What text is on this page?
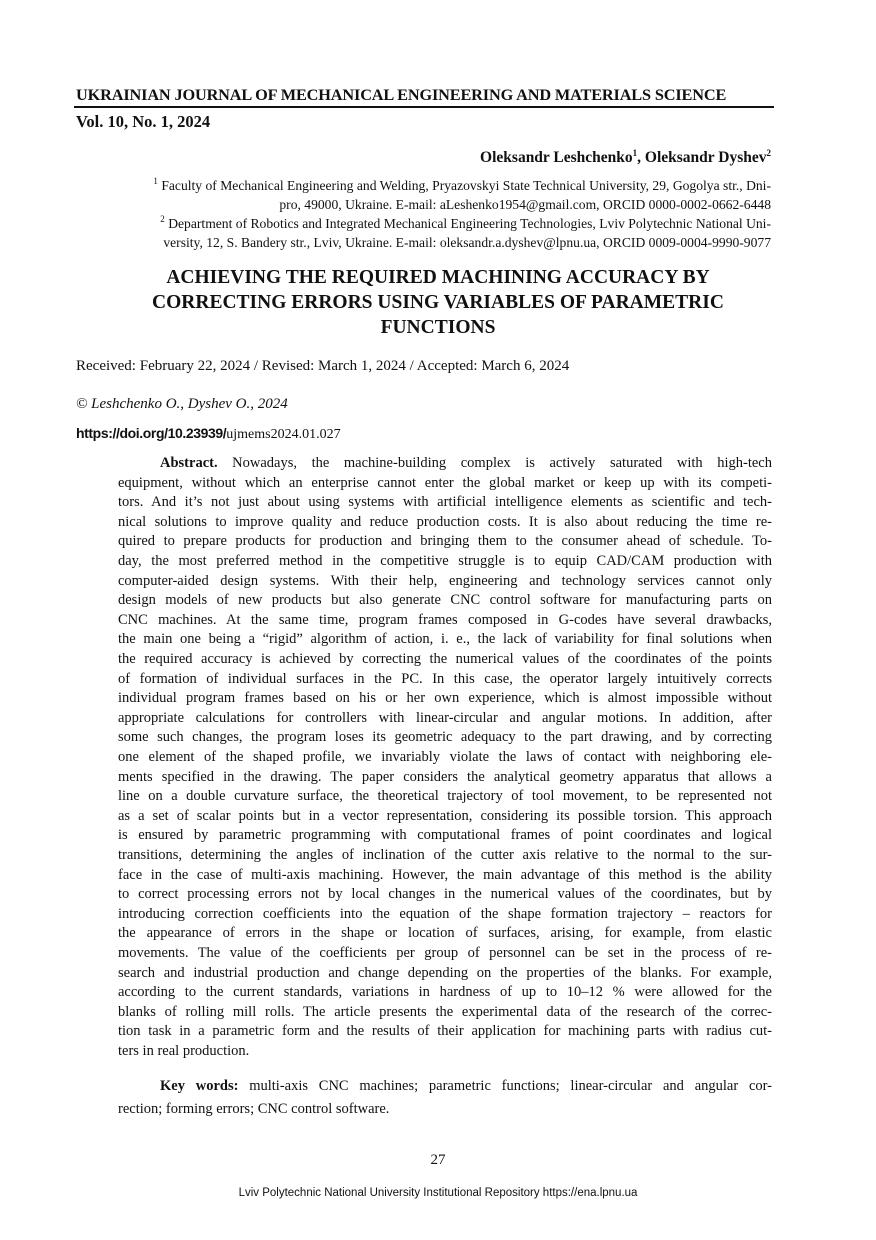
UKRAINIAN JOURNAL OF MECHANICAL ENGINEERING AND MATERIALS SCIENCE
Vol. 10, No. 1, 2024
Oleksandr Leshchenko$^1$, Oleksandr Dyshev$^2$
$^1$ Faculty of Mechanical Engineering and Welding, Pryazovskyi State Technical University, 29, Gogolya str., Dni-
pro, 49000, Ukraine. E-mail: aLeshenko1954@gmail.com, ORCID 0000-0002-0662-6448
$^2$ Department of Robotics and Integrated Mechanical Engineering Technologies, Lviv Polytechnic National Uni-
versity, 12, S. Bandery str., Lviv, Ukraine. E-mail: oleksandr.a.dyshev@lpnu.ua, ORCID 0009-0004-9990-9077
ACHIEVING THE REQUIRED MACHINING ACCURACY BY
CORRECTING ERRORS USING VARIABLES OF PARAMETRIC
FUNCTIONS
Received: February 22, 2024 / Revised: March 1, 2024 / Accepted: March 6, 2024
© Leshchenko O., Dyshev O., 2024
https://doi.org/10.23939/ujmems2024.01.027
Abstract. Nowadays, the machine-building complex is actively saturated with high-tech
equipment, without which an enterprise cannot enter the global market or keep up with its competi-
tors. And it’s not just about using systems with artificial intelligence elements as scientific and tech-
nical solutions to improve quality and reduce production costs. It is also about reducing the time re-
quired to prepare products for production and bringing them to the consumer ahead of schedule. To-
day, the most preferred method in the competitive struggle is to equip CAD/CAM production with
computer-aided design systems. With their help, engineering and technology services cannot only
design models of new products but also generate CNC control software for manufacturing parts on
CNC machines. At the same time, program frames composed in G-codes have several drawbacks,
the main one being a “rigid” algorithm of action, i. e., the lack of variability for final solutions when
the required accuracy is achieved by correcting the numerical values of the coordinates of the points
of formation of individual surfaces in the PC. In this case, the operator largely intuitively corrects
individual program frames based on his or her own experience, which is almost impossible without
appropriate calculations for controllers with linear-circular and angular motions. In addition, after
some such changes, the program loses its geometric adequacy to the part drawing, and by correcting
one element of the shaped profile, we invariably violate the laws of contact with neighboring ele-
ments specified in the drawing. The paper considers the analytical geometry apparatus that allows a
line on a double curvature surface, the theoretical trajectory of tool movement, to be represented not
as a set of scalar points but in a vector representation, considering its possible torsion. This approach
is ensured by parametric programming with computational frames of point coordinates and logical
transitions, determining the angles of inclination of the cutter axis relative to the normal to the sur-
face in the case of multi-axis machining. However, the main advantage of this method is the ability
to correct processing errors not by local changes in the numerical values of the coordinates, but by
introducing correction coefficients into the equation of the shape formation trajectory – reactors for
the appearance of errors in the shape or location of surfaces, arising, for example, from elastic
movements. The value of the coefficients per group of personnel can be set in the process of re-
search and industrial production and change depending on the properties of the blanks. For example,
according to the current standards, variations in hardness of up to 10–12 % were allowed for the
blanks of rolling mill rolls. The article presents the experimental data of the research of the correc-
tion task in a parametric form and the results of their application for machining parts with radius cut-
ters in real production.
Key words: multi-axis CNC machines; parametric functions; linear-circular and angular cor-
rection; forming errors; CNC control software.
27
Lviv Polytechnic National University Institutional Repository https://ena.lpnu.ua
